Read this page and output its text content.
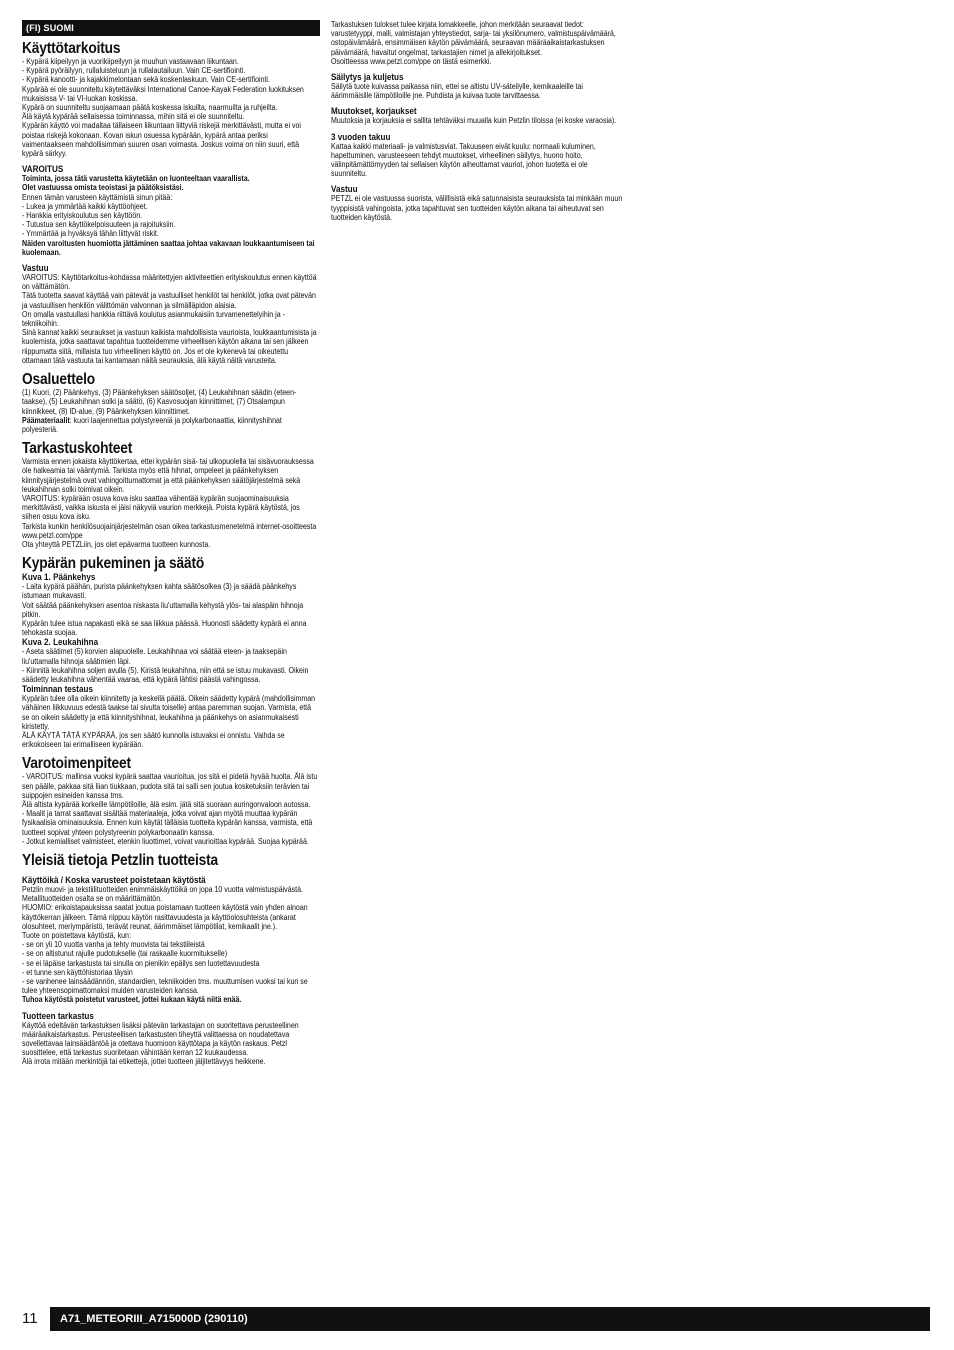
(FI) SUOMI
Käyttötarkoitus

- Kypärä kiipeilyyn ja vuorikiipeilyyn ja muuhun vastaavaan liikuntaan.
- Kypärä pyöräilyyn, rullaluisteluun ja rullalautailuun. Vain CE-sertifiointi.
- Kypärä kanootti- ja kajakkimelontaan sekä koskenlaskuun. Vain CE-sertifiointi.
Kypärää ei ole suunniteltu käytettäväksi International Canoe-Kayak Federation luokituksen mukaisissa V- tai VI-luokan koskissa.
Kypärä on suunniteltu suojaamaan päätä koskessa iskuilta, naarmuilta ja ruhjeilta.
Älä käytä kypärää sellaisessa toiminnassa, mihin sitä ei ole suunniteltu.
Kypärän käyttö voi madaltaa tällaiseen liikuntaan liittyviä riskejä merkittävästi, mutta ei voi poistaa riskejä kokonaan. Kovan iskun osuessa kypärään, kypärä antaa periksi vaimentaakseen mahdollisimman suuren osan voimasta. Joskus voima on niin suuri, että kypärä särkyy.

VAROITUS

Toiminta, jossa tätä varustetta käytetään on luonteeltaan vaarallista.
Olet vastuussa omista teoistasi ja päätöksistäsi.

Ennen tämän varusteen käyttämistä sinun pitää:
- Lukea ja ymmärtää kaikki käyttöohjeet.
- Hankkia erityiskoulutus sen käyttöön.
- Tutustua sen käyttökelpoisuuteen ja rajoituksiin.
- Ymmärtää ja hyväksyä tähän liittyvät riskit.

Näiden varoitusten huomiotta jättäminen saattaa johtaa vakavaan loukkaantumiseen tai kuolemaan.

Vastuu

VAROITUS: Käyttötarkoitus-kohdassa määritettyjen aktiviteettien erityiskoulutus ennen käyttöä on välttämätön.
Tätä tuotetta saavat käyttää vain pätevät ja vastuulliset henkilöt tai henkilöt, jotka ovat pätevän ja vastuullisen henkilön välittömän valvonnan ja silmälläpidon alaisia.
On omalla vastuullasi hankkia riittävä koulutus asianmukaisiin turvamenettelyihin ja -tekniikoihin.
Sinä kannat kaikki seuraukset ja vastuun kaikista mahdollisista vaurioista, loukkaantumisista ja kuolemista, jotka saattavat tapahtua tuotteidemme virheellisen käytön aikana tai sen jälkeen riippumatta siitä, millaista tuo virheellinen käyttö on. Jos et ole kykenevä tai oikeutettu ottamaan tätä vastuuta tai kantamaan näitä seurauksia, älä käytä näitä varusteita.

Osaluettelo

(1) Kuori, (2) Päänkehys, (3) Päänkehyksen säätösoljet, (4) Leukahihnan säädin (eteen-taakse), (5) Leukahihnan solki ja säätö, (6) Kasvosuojan kiinnittimet, (7) Otsalampun kiinnikkeet, (8) ID-alue, (9) Päänkehyksen kiinnittimet.
Päämateriaalit: kuori laajennettua polystyreeniä ja polykarbonaattia, kiinnityshihnat polyesteriä.

Tarkastuskohteet

Varmista ennen jokaista käyttökertaa, ettei kypärän sisä- tai ulkopuolella tai sisävuorauksessa ole halkeamia tai vääntymiä. Tarkista myös että hihnat, ompeleet ja päänkehyksen kiinnitysjärjestelmä ovat vahingoittumattomat ja että päänkehyksen säätöjärjestelmä sekä leukahihnan solki toimivat oikein.
VAROITUS: kypärään osuva kova isku saattaa vähentää kypärän suojaominaisuuksia merkittävästi, vaikka iskusta ei jäisi näkyviä vaurion merkkejä. Poista kypärä käytöstä, jos siihen osuu kova isku.
Tarkista kunkin henkilösuojainjärjestelmän osan oikea tarkastusmenetelmä internet-osoitteesta www.petzl.com/ppe
Ota yhteyttä PETZLiin, jos olet epävarma tuotteen kunnosta.

Kypärän pukeminen ja säätö
Kuva 1. Päänkehys

- Laita kypärä päähän, purista päänkehyksen kahta säätösolkea (3) ja säädä päänkehys istumaan mukavasti.
Voit säätää päänkehyksen asentoa niskasta liu'uttamalla kehystä ylös- tai alaspäin hihnoja pitkin.
Kypärän tulee istua napakasti eikä se saa liikkua päässä. Huonosti säädetty kypärä ei anna tehokasta suojaa.

Kuva 2. Leukahihna

- Aseta säätimet (5) korvien alapuolelle. Leukahihnaa voi säätää eteen- ja taaksepäin liu'uttamalla hihnoja säätimien läpi.
- Kiinnitä leukahihna soljen avulla (5). Kiristä leukahihna, niin että se istuu mukavasti. Oikein säädetty leukahihna vähentää vaaraa, että kypärä lähtisi päästä vahingossa.

Toiminnan testaus

Kypärän tulee olla oikein kiinnitetty ja keskellä päätä. Oikein säädetty kypärä (mahdollisimman vähäinen liikkuvuus edestä taakse tai sivulta toiselle) antaa paremman suojan. Varmista, että se on oikein säädetty ja että kiinnityshihnat, leukahihna ja päänkehys on asianmukaisesti kiristetty.
ÄLÄ KÄYTÄ TÄTÄ KYPÄRÄÄ, jos sen säätö kunnolla istuvaksi ei onnistu. Vaihda se erikokoiseen tai erimalliseen kypärään.

Varotoimenpiteet

- VAROITUS: mallinsa vuoksi kypärä saattaa vaurioitua, jos sitä ei pidetä hyvää huolta. Älä istu sen päälle, pakkaa sitä liian tiukkaan, pudota sitä tai salli sen joutua kosketuksiin terävien tai suippojen esineiden kanssa tms.
Älä altista kypärää korkeille lämpötiloille, älä esim. jätä sitä suoraan auringonvaloon autossa.
- Maalit ja tarrat saattavat sisältää materiaaleja, jotka voivat ajan myötä muuttaa kypärän fysikaalisia ominaisuuksia. Ennen kuin käytät tälläisia tuotteita kypärän kanssa, varmista, että tuotteet sopivat yhteen polystyreenin polykarbonaatin kanssa.
- Jotkut kemialliset valmisteet, etenkin liuottimet, voivat vaurioittaa kypärää. Suojaa kypärää.

Yleisiä tietoja Petzlin tuotteista
Käyttöikä / Koska varusteet poistetaan käytöstä

Petzlin muovi- ja tekstiilituotteiden enimmäiskäyttöikä on jopa 10 vuotta valmistuspäivästä. Metallituotteiden osalta se on määrittämätön.
HUOMIO: erikoistapauksissa saatat joutua poistamaan tuotteen käytöstä vain yhden ainoan käyttökerran jälkeen. Tämä riippuu käytön rasittavuudesta ja käyttöolosuhteista (ankarat olosuhteet, meriympäristö, terävät reunat, äärimmäiset lämpötilat, kemikaalit jne.).
Tuote on poistettava käytöstä, kun:
- se on yli 10 vuotta vanha ja tehty muovista tai tekstiileistä
- se on altistunut rajulle pudotukselle (tai raskaalle kuormitukselle)
- se ei läpäise tarkastusta tai sinulla on pienikin epäilys sen luotettavuudesta
- et tunne sen käyttöhistoriaa täysin
- se vanhenee lainsäädännön, standardien, tekniikoiden tms. muuttumisen vuoksi tai kun se tulee yhteensopimattomaksi muiden varusteiden kanssa.

Tuhoa käytöstä poistetut varusteet, jottei kukaan käytä niitä enää.

Tuotteen tarkastus

Käyttöä edeltävän tarkastuksen lisäksi pätevän tarkastajan on suoritettava perusteellinen määräaikaistarkastus. Perusteellisen tarkastusten tiheyttä valittaessa on noudatettava sovellettavaa lainsäädäntöä ja otettava huomioon käyttötapa ja käytön raskaus. Petzl suosittelee, että tarkastus suoritetaan vähintään kerran 12 kuukaudessa.
Älä irrota mitään merkintöjä tai etikettejä, jottei tuotteen jäljitettävyys heikkene.

Tarkastuksen tulokset tulee kirjata lomakkeelle, johon merkitään seuraavat tiedot: varustetyyppi, malli, valmistajan yhteystiedot, sarja- tai yksilönumero, valmistuspäivämäärä, ostopäivämäärä, ensimmäisen käytön päivämäärä, seuraavan määräaikaistarkastuksen päivämäärä, havaitut ongelmat, tarkastajien nimet ja allekirjoitukset.
Osoitteessa www.petzl.com/ppe on tästä esimerkki.

Säilytys ja kuljetus

Säilytä tuote kuivassa paikassa niin, ettei se altistu UV-säteilylle, kemikaaleille tai äärimmäisille lämpötiloille jne. Puhdista ja kuivaa tuote tarvittaessa.

Muutokset, korjaukset

Muutoksia ja korjauksia ei sallita tehtäväksi muualla kuin Petzlin tiloissa (ei koske varaosia).

3 vuoden takuu

Kattaa kaikki materiaali- ja valmistusviat. Takuuseen eivät kuulu: normaali kuluminen, hapettuminen, varusteeseen tehdyt muutokset, virheellinen säilytys, huono hoito, välinpitämättömyyden tai sellaisen käytön aiheuttamat vauriot, johon tuotetta ei ole suunniteltu.

Vastuu

PETZL ei ole vastuussa suorista, välillisistä eikä satunnaisista seurauksista tai minkään muun tyyppisistä vahingoista, jotka tapahtuvat sen tuotteiden käytön aikana tai aiheutuvat sen tuotteiden käytöstä.

11	A71_METEORIII_A715000D (290110)
